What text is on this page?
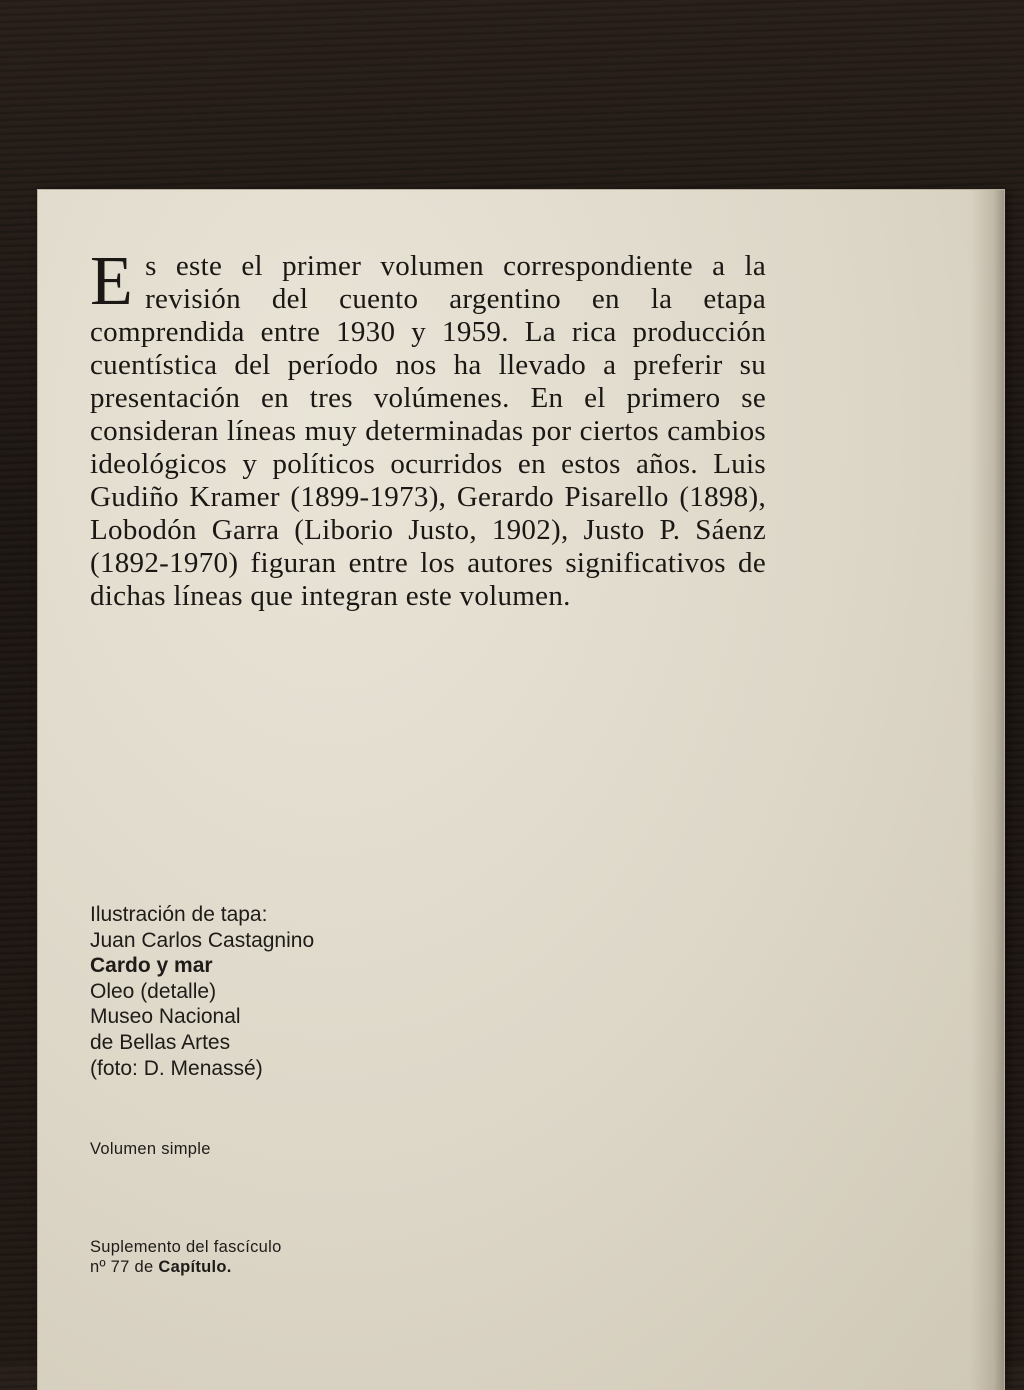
Es este el primer volumen correspondiente a la revisión del cuento argentino en la etapa comprendida entre 1930 y 1959. La rica producción cuentística del período nos ha llevado a preferir su presentación en tres volúmenes. En el primero se consideran líneas muy determinadas por ciertos cambios ideológicos y políticos ocurridos en estos años. Luis Gudiño Kramer (1899-1973), Gerardo Pisarello (1898), Lobodón Garra (Liborio Justo, 1902), Justo P. Sáenz (1892-1970) figuran entre los autores significativos de dichas líneas que integran este volumen.
Ilustración de tapa:
Juan Carlos Castagnino
Cardo y mar
Oleo (detalle)
Museo Nacional
de Bellas Artes
(foto: D. Menassé)
Volumen simple
Suplemento del fascículo
nº 77 de Capítulo.
